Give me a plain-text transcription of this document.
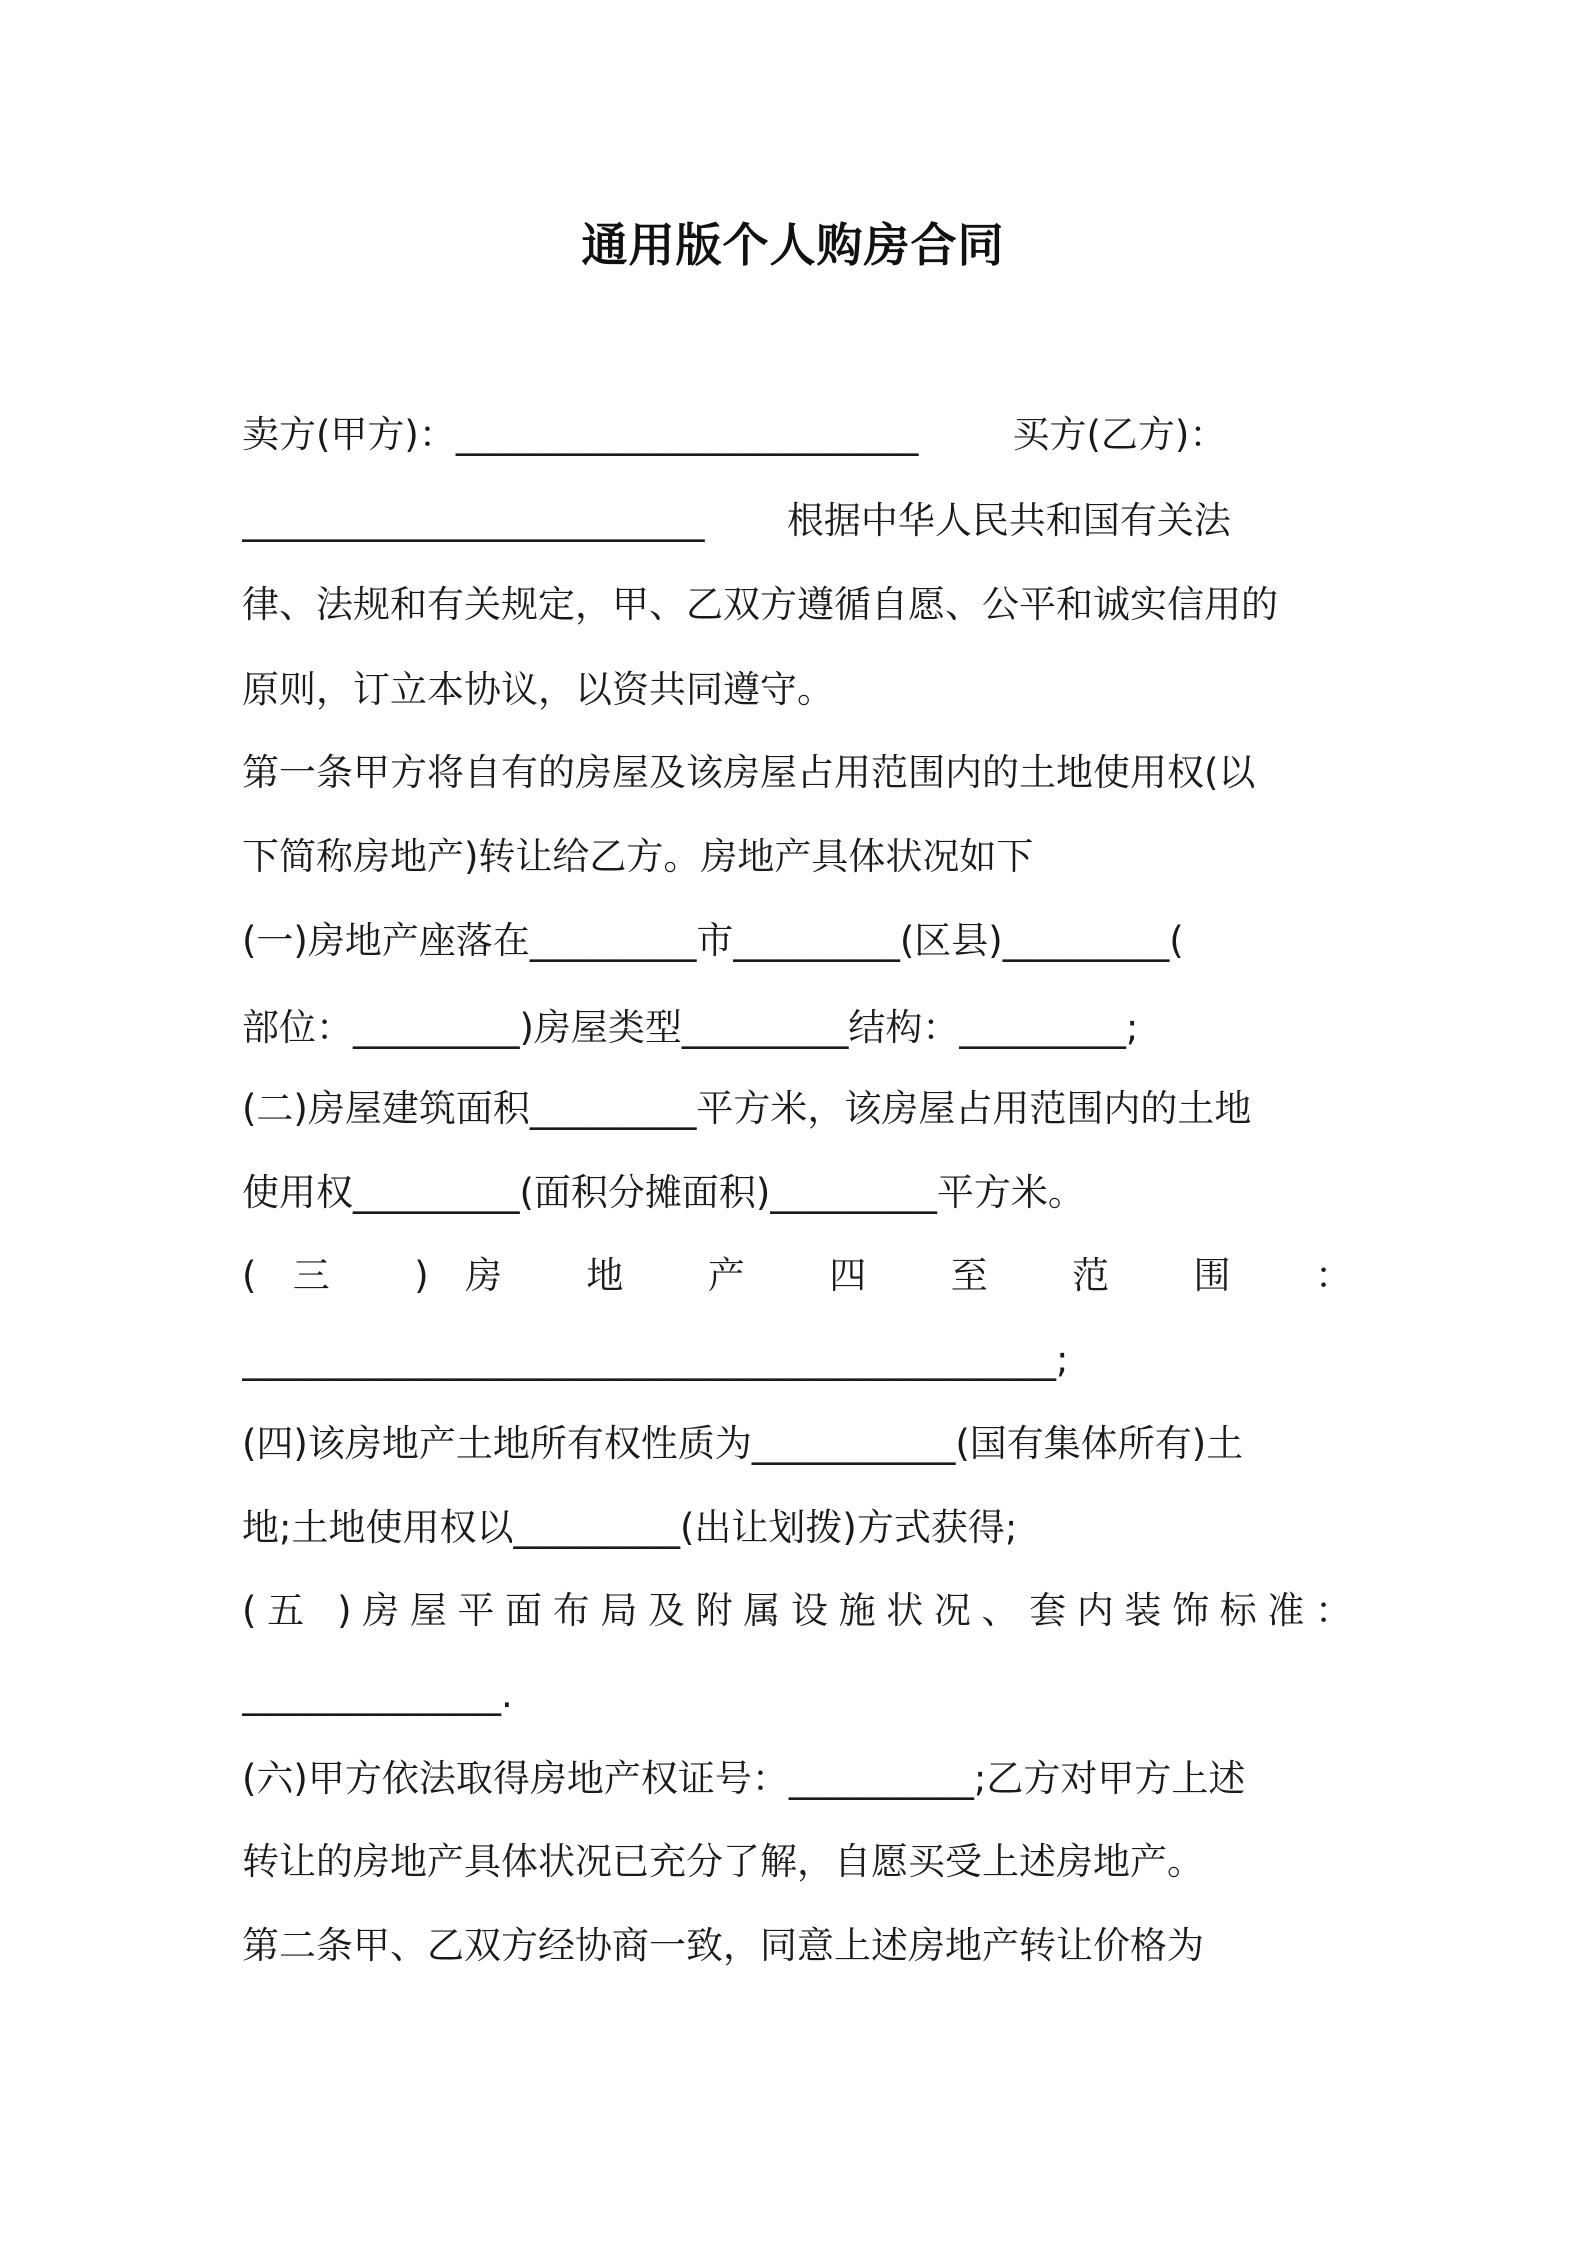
通用版个人购房合同
卖方(甲方)：_________________________        买方(乙方)：
_________________________       根据中华人民共和国有关法
律、法规和有关规定，甲、乙双方遵循自愿、公平和诚实信用的
原则，订立本协议，以资共同遵守。
第一条甲方将自有的房屋及该房屋占用范围内的土地使用权(以
下简称房地产)转让给乙方。房地产具体状况如下
(一)房地产座落在_________市_________(区县)_________(
部位：_________)房屋类型_________结构：_________;
(二)房屋建筑面积_________平方米，该房屋占用范围内的土地
使用权_________(面积分摊面积)_________平方米。
(三 )房 地 产 四 至 范 围 ：
____________________________________________;
(四)该房地产土地所有权性质为___________(国有集体所有)土
地;土地使用权以_________(出让划拨)方式获得;
(五 )房屋平面布局及附属设施状况、套内装饰标准：
______________.
(六)甲方依法取得房地产权证号：__________;乙方对甲方上述
转让的房地产具体状况已充分了解，自愿买受上述房地产。
第二条甲、乙双方经协商一致，同意上述房地产转让价格为
